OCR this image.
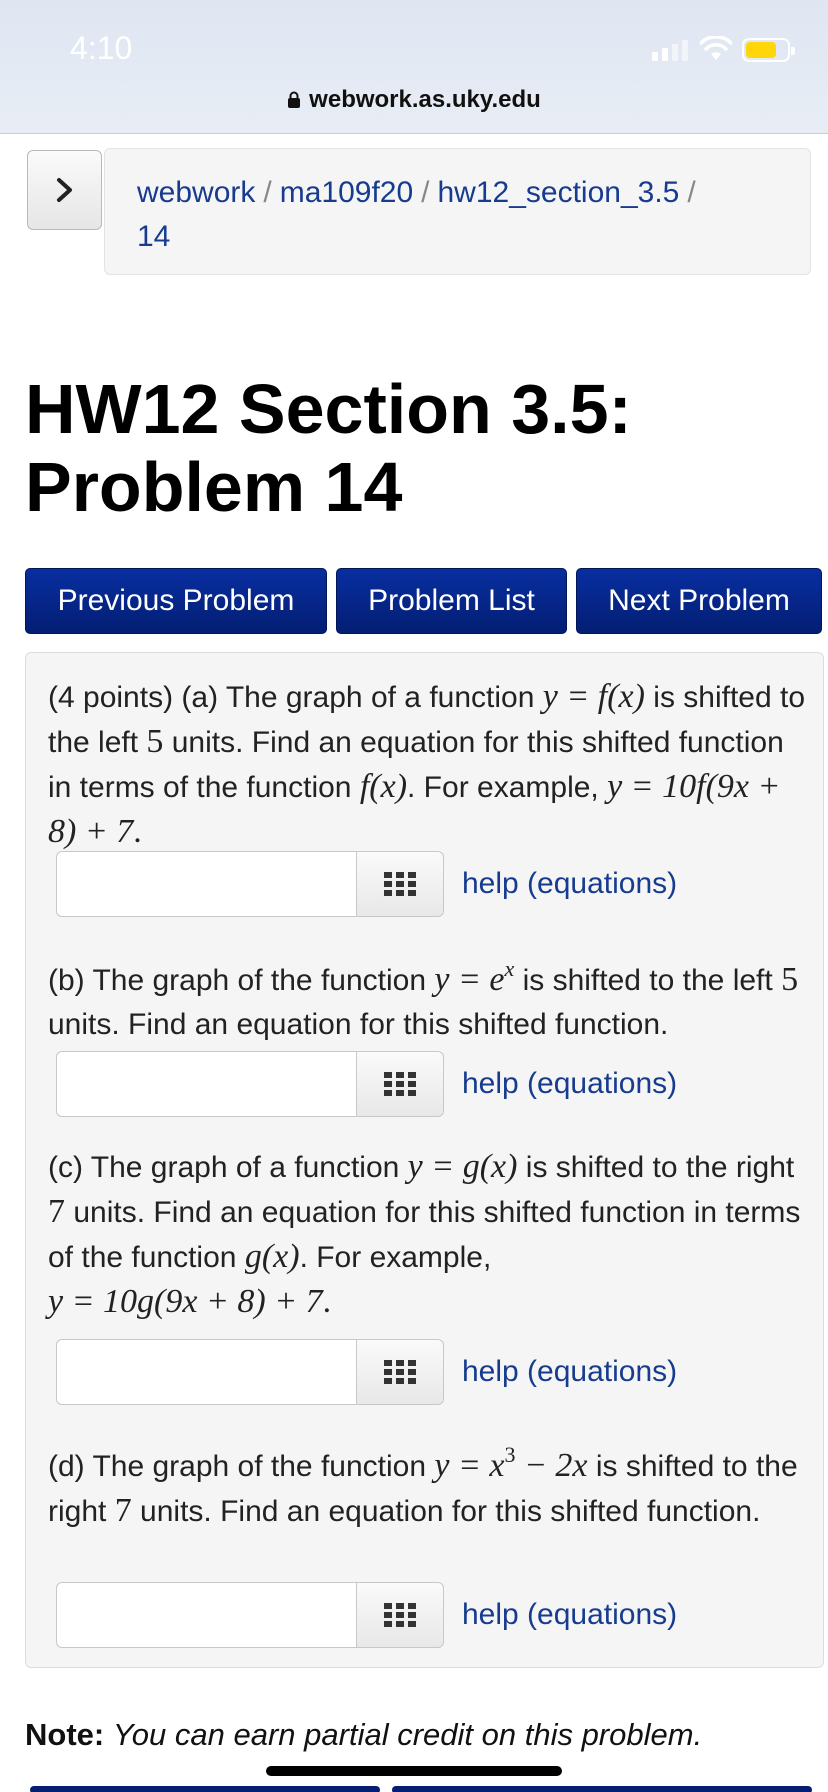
4:10
webwork.as.uky.edu
webwork / ma109f20 / hw12_section_3.5 /
14
HW12 Section 3.5:
Problem 14
Previous Problem	Problem List	Next Problem
(4 points) (a) The graph of a function y = f(x) is shifted to the left 5 units. Find an equation for this shifted function in terms of the function f(x). For example, y = 10f(9x + 8) + 7.
help (equations)
(b) The graph of the function $y = e^x$ is shifted to the left 5 units. Find an equation for this shifted function.
help (equations)
(c) The graph of a function y = g(x) is shifted to the right 7 units. Find an equation for this shifted function in terms of the function g(x). For example,
y = 10g(9x + 8) + 7.
help (equations)
(d) The graph of the function $y = x^3 - 2x$ is shifted to the right 7 units. Find an equation for this shifted function.
help (equations)
Note: You can earn partial credit on this problem.
